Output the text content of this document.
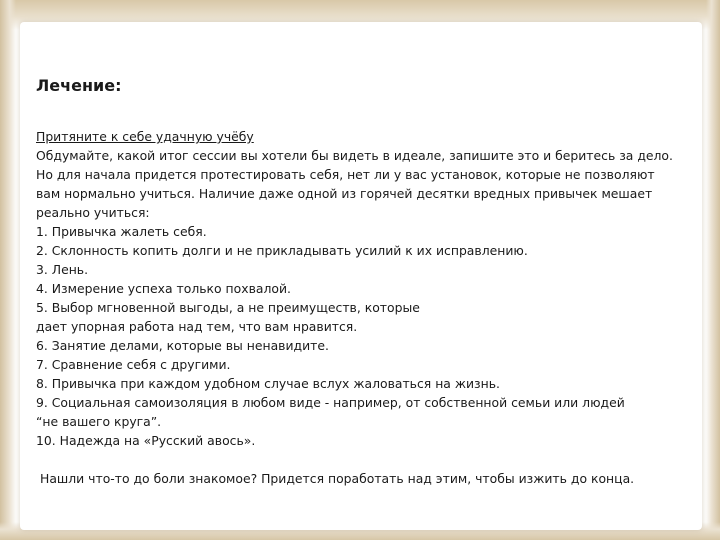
Лечение:
Притяните к себе удачную учёбу
Обдумайте, какой итог сессии вы хотели бы видеть в идеале, запишите это и беритесь за дело.
Но для начала придется протестировать себя, нет ли у вас установок, которые не позволяют
вам нормально учиться. Наличие даже одной из горячей десятки вредных привычек мешает
реально учиться:
1. Привычка жалеть себя.
2. Склонность копить долги и не прикладывать усилий к их исправлению.
3. Лень.
4. Измерение успеха только похвалой.
5. Выбор мгновенной выгоды, а не преимуществ, которые
дает упорная работа над тем, что вам нравится.
6. Занятие делами, которые вы ненавидите.
7. Сравнение себя с другими.
8. Привычка при каждом удобном случае вслух жаловаться на жизнь.
9. Социальная самоизоляция в любом виде - например, от собственной семьи или людей
“не вашего круга”.
10. Надежда на «Русский авось».
Нашли что-то до боли знакомое? Придется поработать над этим, чтобы изжить до конца.
